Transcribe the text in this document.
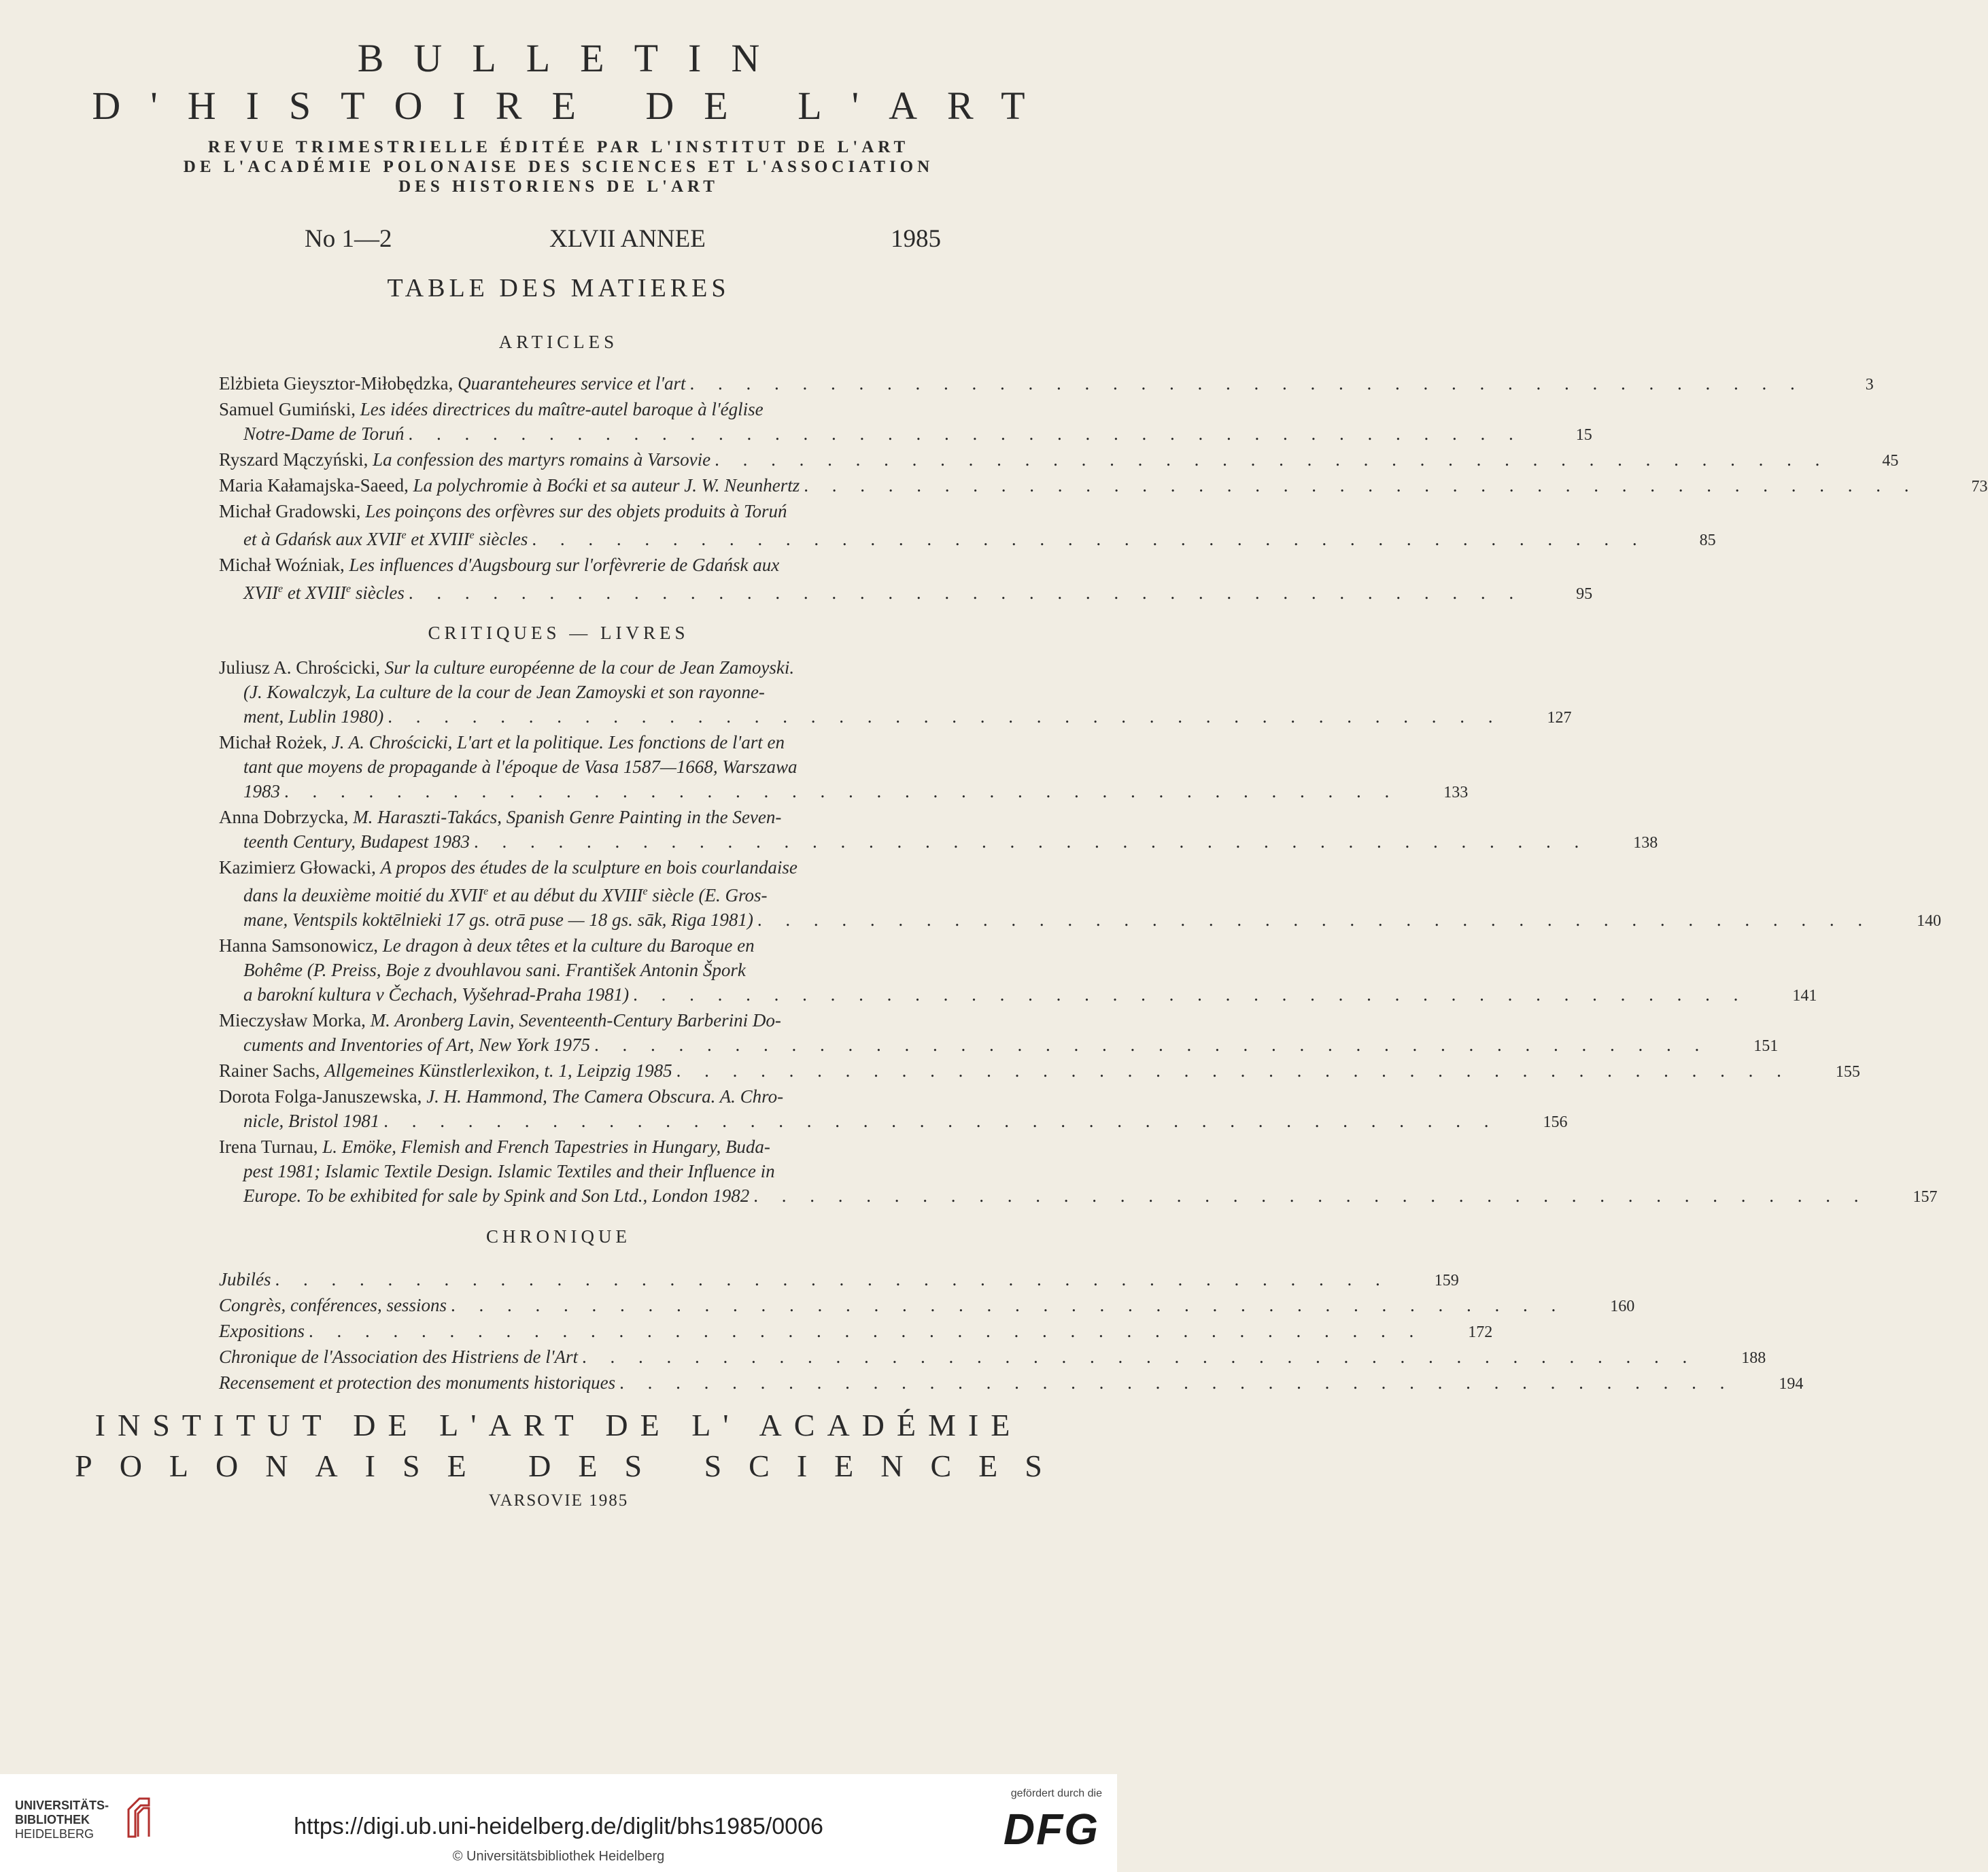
BULLETIN
D'HISTOIRE DE L'ART
REVUE TRIMESTRIELLE ÉDITÉE PAR L'INSTITUT DE L'ART
DE L'ACADÉMIE POLONAISE DES SCIENCES ET L'ASSOCIATION
DES HISTORIENS DE L'ART
No 1—2	XLVII ANNEE	1985
TABLE DES MATIERES
ARTICLES
Elżbieta Gieysztor-Miłobędzka, Quaranteheures service et l'art . . . . . . . . . . . . . . . . . . . . . . . . . . . . . . . . . . . . . . . .	3
Samuel Gumiński, Les idées directrices du maître-autel baroque à l'église
Notre-Dame de Toruń . . . . . . . . . . . . . . . . . . . . . . . . . . . . . . . . . . . . . . . .	15
Ryszard Mączyński, La confession des martyrs romains à Varsovie . . . . . . . . . . . . . . . . . . . . . . . . . . . . . . . . . . . . . . . .	45
Maria Kałamajska-Saeed, La polychromie à Boćki et sa auteur J. W. Neunhertz . . . . . . . . . . . . . . . . . . . . . . . . . . . . . . . . . . . . . . . .	73
Michał Gradowski, Les poinçons des orfèvres sur des objets produits à Toruń
et à Gdańsk aux XVIIe et XVIIIe siècles . . . . . . . . . . . . . . . . . . . . . . . . . . . . . . . . . . . . . . . .	85
Michał Woźniak, Les influences d'Augsbourg sur l'orfèvrerie de Gdańsk aux
XVIIe et XVIIIe siècles . . . . . . . . . . . . . . . . . . . . . . . . . . . . . . . . . . . . . . . .	95
CRITIQUES — LIVRES
Juliusz A. Chrościcki, Sur la culture européenne de la cour de Jean Zamoyski.
(J. Kowalczyk, La culture de la cour de Jean Zamoyski et son rayonne-
ment, Lublin 1980) . . . . . . . . . . . . . . . . . . . . . . . . . . . . . . . . . . . . . . . .	127
Michał Rożek, J. A. Chrościcki, L'art et la politique. Les fonctions de l'art en
tant que moyens de propagande à l'époque de Vasa 1587—1668, Warszawa
1983 . . . . . . . . . . . . . . . . . . . . . . . . . . . . . . . . . . . . . . . .	133
Anna Dobrzycka, M. Haraszti-Takács, Spanish Genre Painting in the Seven-
teenth Century, Budapest 1983 . . . . . . . . . . . . . . . . . . . . . . . . . . . . . . . . . . . . . . . .	138
Kazimierz Głowacki, A propos des études de la sculpture en bois courlandaise
dans la deuxième moitié du XVIIe et au début du XVIIIe siècle (E. Gros-
mane, Ventspils koktēlnieki 17 gs. otrā puse — 18 gs. sāk, Riga 1981) . . . . . . . . . . . . . . . . . . . . . . . . . . . . . . . . . . . . . . . .	140
Hanna Samsonowicz, Le dragon à deux têtes et la culture du Baroque en
Bohême (P. Preiss, Boje z dvouhlavou sani. František Antonin Špork
a barokní kultura v Čechach, Vyšehrad-Praha 1981) . . . . . . . . . . . . . . . . . . . . . . . . . . . . . . . . . . . . . . . .	141
Mieczysław Morka, M. Aronberg Lavin, Seventeenth-Century Barberini Do-
cuments and Inventories of Art, New York 1975 . . . . . . . . . . . . . . . . . . . . . . . . . . . . . . . . . . . . . . . .	151
Rainer Sachs, Allgemeines Künstlerlexikon, t. 1, Leipzig 1985 . . . . . . . . . . . . . . . . . . . . . . . . . . . . . . . . . . . . . . . .	155
Dorota Folga-Januszewska, J. H. Hammond, The Camera Obscura. A. Chro-
nicle, Bristol 1981 . . . . . . . . . . . . . . . . . . . . . . . . . . . . . . . . . . . . . . . .	156
Irena Turnau, L. Emöke, Flemish and French Tapestries in Hungary, Buda-
pest 1981; Islamic Textile Design. Islamic Textiles and their Influence in
Europe. To be exhibited for sale by Spink and Son Ltd., London 1982 . . . . . . . . . . . . . . . . . . . . . . . . . . . . . . . . . . . . . . . .	157
CHRONIQUE
Jubilés . . . . . . . . . . . . . . . . . . . . . . . . . . . . . . . . . . . . . . . .	159
Congrès, conférences, sessions . . . . . . . . . . . . . . . . . . . . . . . . . . . . . . . . . . . . . . . .	160
Expositions . . . . . . . . . . . . . . . . . . . . . . . . . . . . . . . . . . . . . . . .	172
Chronique de l'Association des Histriens de l'Art . . . . . . . . . . . . . . . . . . . . . . . . . . . . . . . . . . . . . . . .	188
Recensement et protection des monuments historiques . . . . . . . . . . . . . . . . . . . . . . . . . . . . . . . . . . . . . . . .	194
INSTITUT DE L'ART DE L' ACADÉMIE
POLONAISE DES SCIENCES
VARSOVIE 1985
UNIVERSITÄTS-
BIBLIOTHEK
HEIDELBERG	https://digi.ub.uni-heidelberg.de/diglit/bhs1985/0006
© Universitätsbibliothek Heidelberg
gefördert durch die
DFG
